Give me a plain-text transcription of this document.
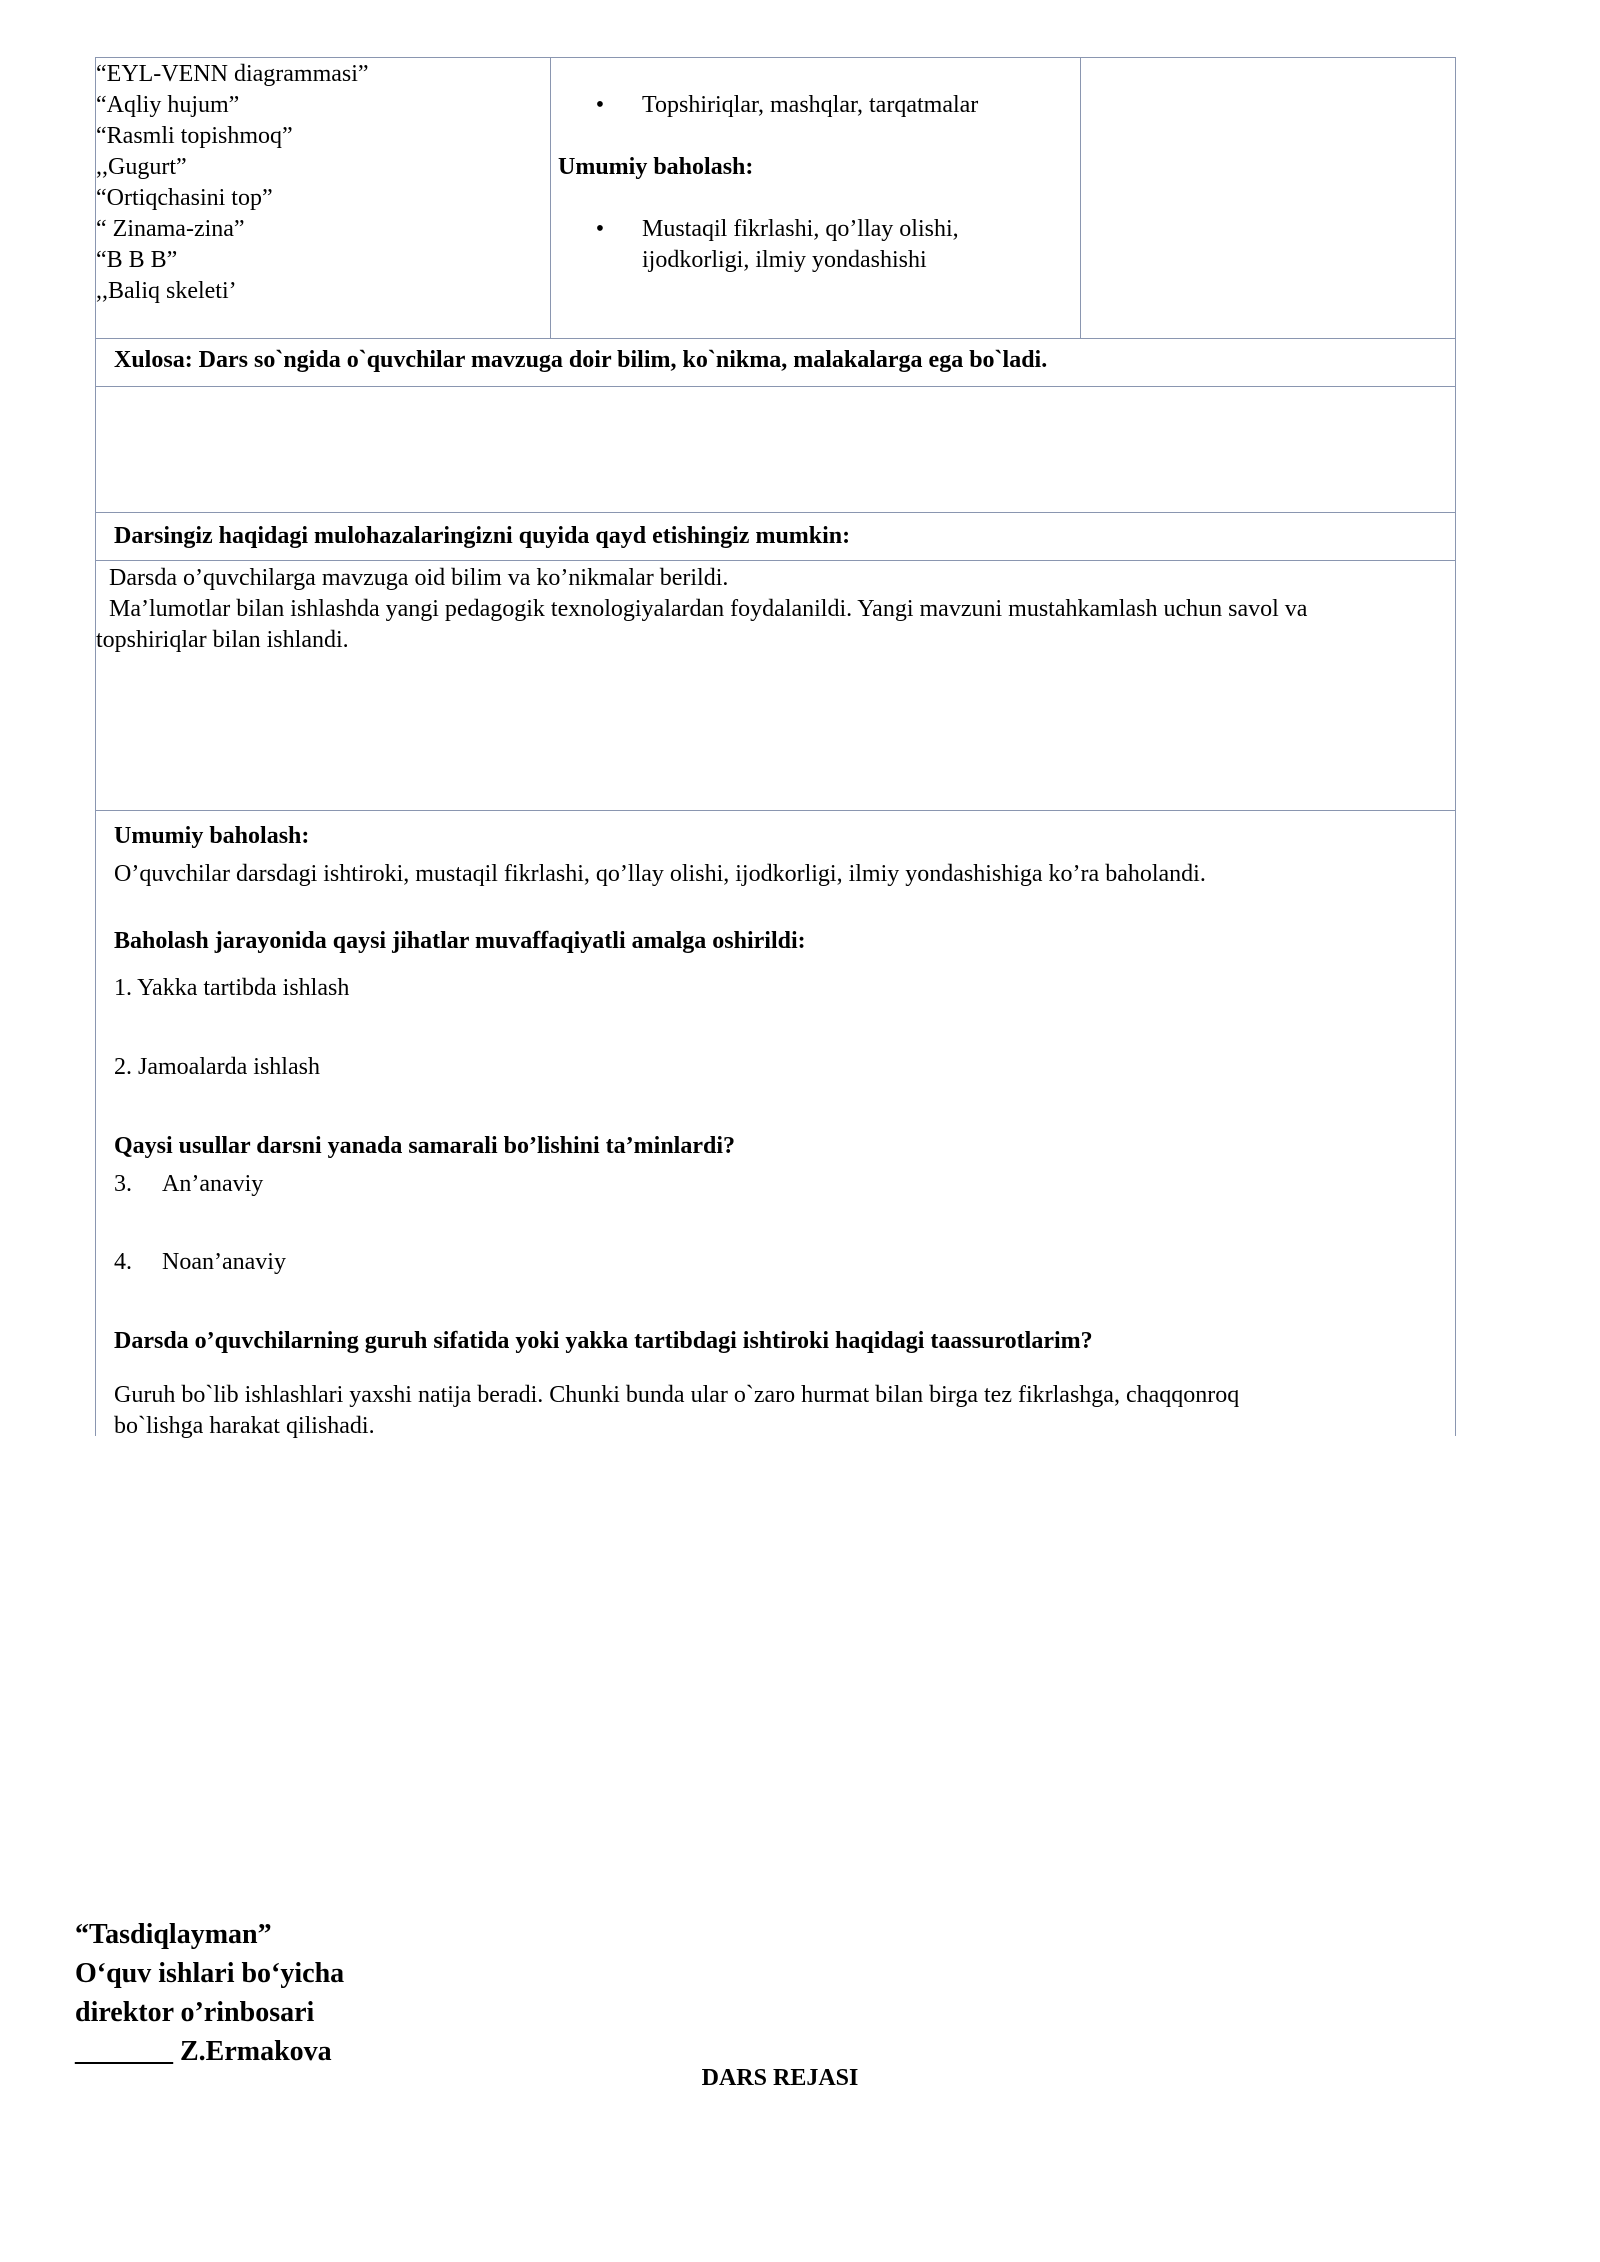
“EYL-VENN diagrammasi”
“Aqliy hujum”
“Rasmli topishmoq”
,,Gugurt”
“Ortiqchasini top”
“ Zinama-zina”
“B B B”
,,Baliq skeleti’
•	Topshiriqlar, mashqlar, tarqatmalar
Umumiy baholash:
•	Mustaqil fikrlashi, qo’llay olishi,
ijodkorligi, ilmiy yondashishi
Xulosa: Dars so`ngida o`quvchilar mavzuga doir bilim, ko`nikma, malakalarga ega bo`ladi.
Darsingiz haqidagi mulohazalaringizni quyida qayd etishingiz mumkin:
Darsda o’quvchilarga mavzuga oid bilim va ko’nikmalar berildi.
Ma’lumotlar bilan ishlashda yangi pedagogik texnologiyalardan foydalanildi. Yangi mavzuni mustahkamlash uchun savol va
topshiriqlar bilan ishlandi.
Umumiy baholash:
O’quvchilar darsdagi ishtiroki, mustaqil fikrlashi, qo’llay olishi, ijodkorligi, ilmiy yondashishiga ko’ra baholandi.
Baholash jarayonida qaysi jihatlar muvaffaqiyatli amalga oshirildi:
1. Yakka tartibda ishlash
2. Jamoalarda ishlash
Qaysi usullar darsni yanada samarali bo’lishini ta’minlardi?
3.	An’anaviy
4.	Noan’anaviy
Darsda o’quvchilarning guruh sifatida yoki yakka tartibdagi ishtiroki haqidagi taassurotlarim?
Guruh bo`lib ishlashlari yaxshi natija beradi. Chunki bunda ular o`zaro hurmat bilan birga tez fikrlashga, chaqqonroq
bo`lishga harakat qilishadi.
“Tasdiqlayman”
O‘quv ishlari bo‘yicha
direktor o’rinbosari
_______ Z.Ermakova
DARS REJASI
